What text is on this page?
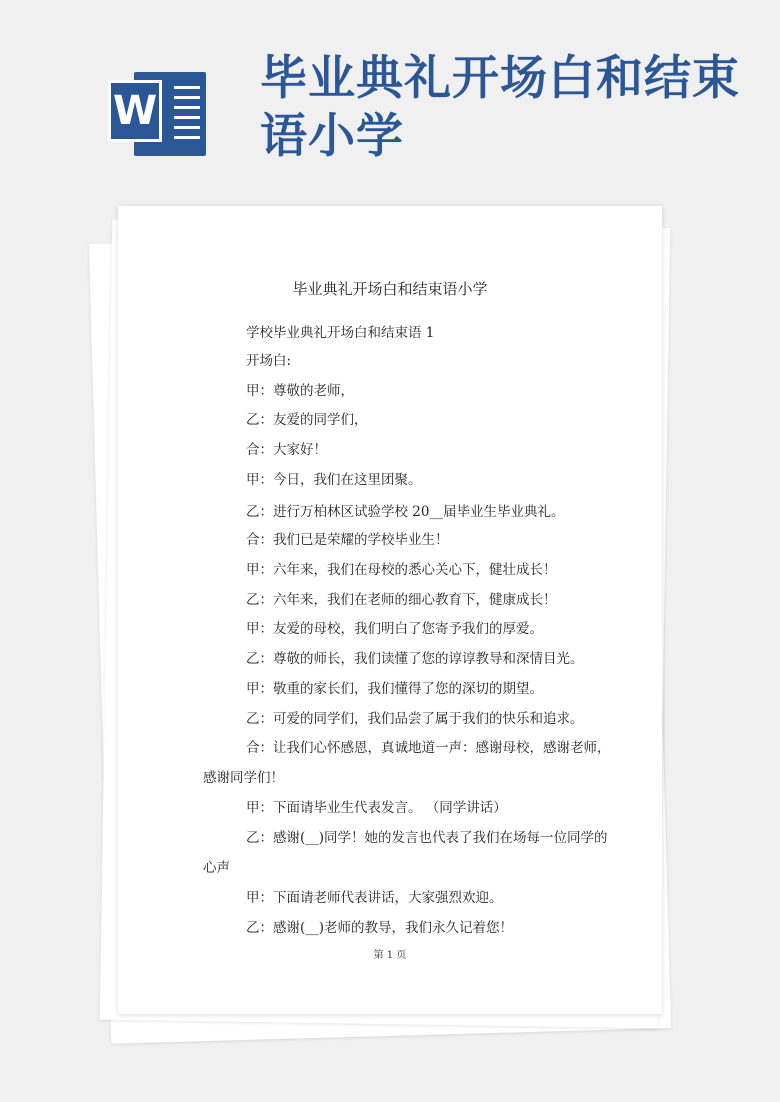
W
毕业典礼开场白和结束语小学
毕业典礼开场白和结束语小学
学校毕业典礼开场白和结束语 1
开场白:
甲：尊敬的老师，
乙：友爱的同学们，
合：大家好！
甲：今日，我们在这里团聚。
乙：进行万柏林区试验学校 20__届毕业生毕业典礼。
合：我们已是荣耀的学校毕业生！
甲：六年来，我们在母校的悉心关心下，健壮成长！
乙：六年来，我们在老师的细心教育下，健康成长！
甲：友爱的母校，我们明白了您寄予我们的厚爱。
乙：尊敬的师长，我们读懂了您的谆谆教导和深情目光。
甲：敬重的家长们，我们懂得了您的深切的期望。
乙：可爱的同学们，我们品尝了属于我们的快乐和追求。
合：让我们心怀感恩，真诚地道一声：感谢母校，感谢老师，
感谢同学们！
甲：下面请毕业生代表发言。 （同学讲话）
乙：感谢(__)同学！她的发言也代表了我们在场每一位同学的
心声
甲：下面请老师代表讲话，大家强烈欢迎。
乙：感谢(__)老师的教导，我们永久记着您！
第 1 页
